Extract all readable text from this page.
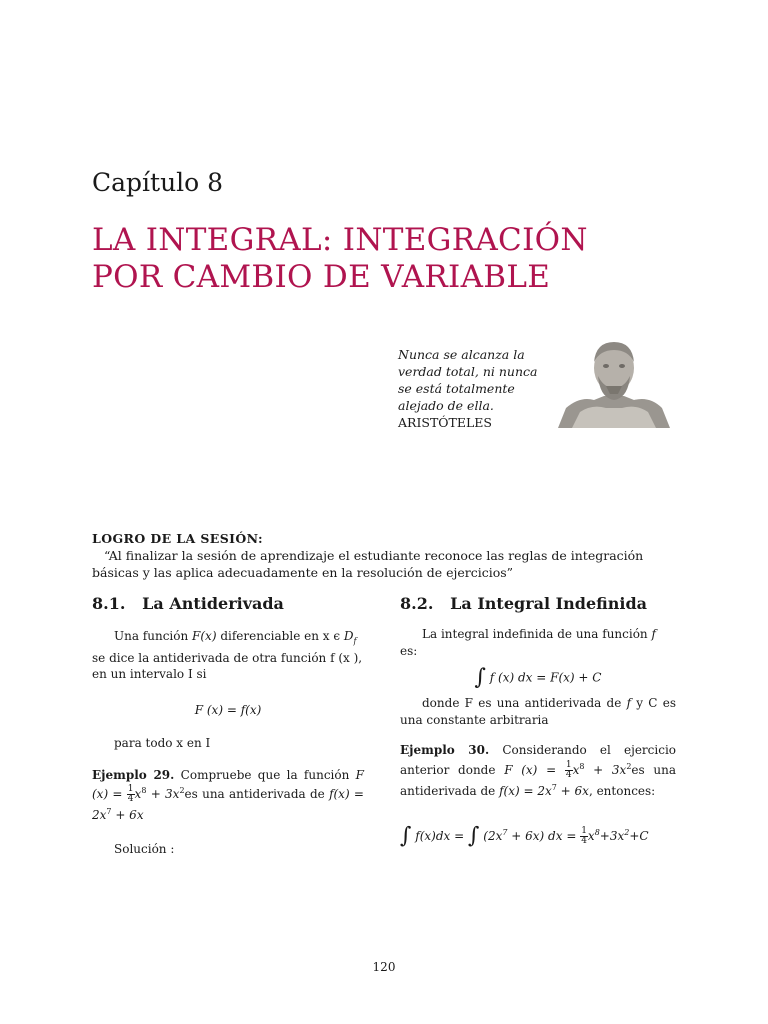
Capítulo 8
LA INTEGRAL: INTEGRACIÓN
POR CAMBIO DE VARIABLE
Nunca se alcanza la
verdad total, ni nunca
se está totalmente
alejado de ella.
ARISTÓTELES
LOGRO DE LA SESIÓN:
“Al finalizar la sesión de aprendizaje el estudiante reconoce las reglas de integración básicas y las aplica adecuadamente en la resolución de ejercicios”
8.1. La Antiderivada

Una función F(x) diferenciable en x ϵ $D_f$ se dice la antiderivada de otra función f (x ), en un intervalo I si

F (x) = f(x)

para todo x en I

Ejemplo 29. Compruebe que la función F $(x) = \frac{1}{4} x^8 + 3x^2es$ una antiderivada de $f(x) = 2x^7 + 6x$

Solución :

8.2. La Integral Indefinida

La integral indefinida de una función f es:

∫ f (x) dx = F(x) + C

donde F es una antiderivada de f y C es una constante arbitraria

Ejemplo 30. Considerando el ejercicio anterior donde F $(x) = \frac{1}{4} x^8 + 3x^2es$ una antiderivada de $f(x) = 2x^7 + 6x$, entonces:

∫ f(x)dx = ∫ $(2x^7 + 6x)$ dx = $\frac{1}{4} x^8+3x^2+C$

120
